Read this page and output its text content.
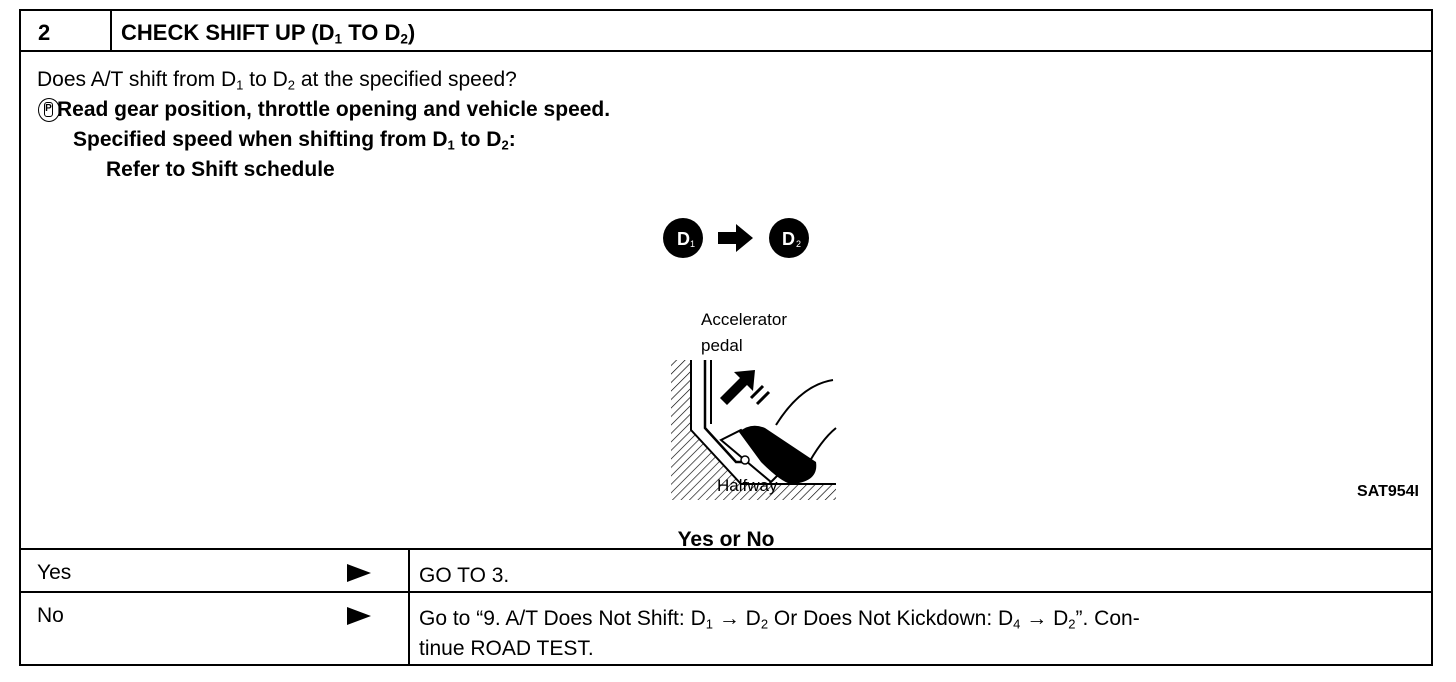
2	CHECK SHIFT UP ($D_1$ TO $D_2$)
Does A/T shift from $D_1$ to $D_2$ at the specified speed?
P Read gear position, throttle opening and vehicle speed.
Specified speed when shifting from $D_1$ to $D_2$:
Refer to Shift schedule
D 1	D 2
Accelerator
pedal
Halfway	SAT954I
Yes or No
Yes	GO TO 3.
No	Go to “9. A/T Does Not Shift: $D_1 \to D_2$ Or Does Not Kickdown: $D_4 \to D_2$”. Con-
tinue ROAD TEST.
